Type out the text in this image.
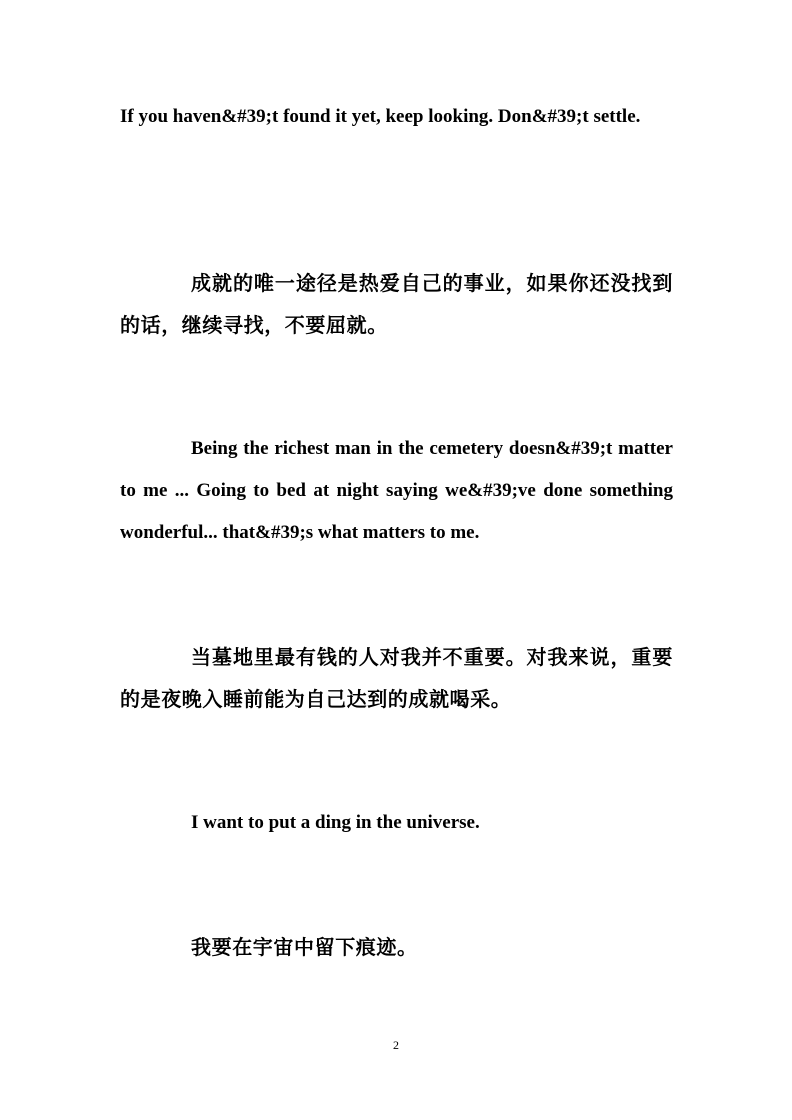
If you haven&#39;t found it yet, keep looking. Don&#39;t settle.

成就的唯一途径是热爱自己的事业，如果你还没找到的话，继续寻找，不要屈就。

Being the richest man in the cemetery doesn&#39;t matter to me ... Going to bed at night saying we&#39;ve done something wonderful... that&#39;s what matters to me.

当墓地里最有钱的人对我并不重要。对我来说，重要的是夜晚入睡前能为自己达到的成就喝采。

I want to put a ding in the universe.

我要在宇宙中留下痕迹。

2
